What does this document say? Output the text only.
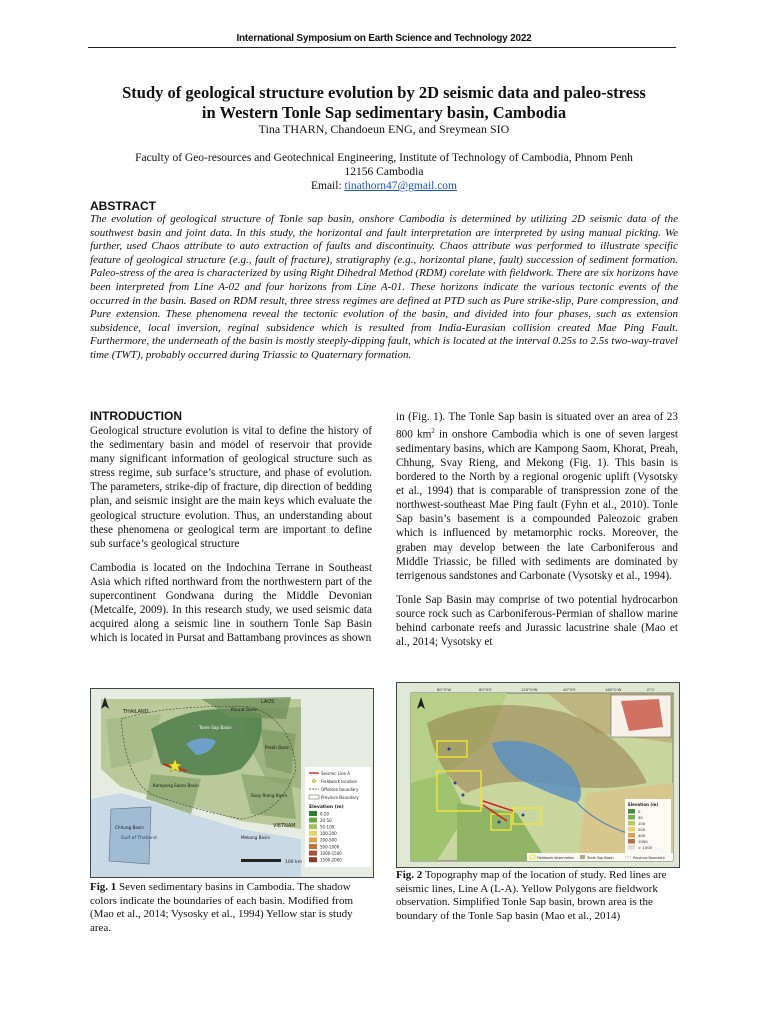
International Symposium on Earth Science and Technology 2022
Study of geological structure evolution by 2D seismic data and paleo-stress
in Western Tonle Sap sedimentary basin, Cambodia
Tina THARN, Chandoeun ENG, and Sreymean SIO
Faculty of Geo-resources and Geotechnical Engineering, Institute of Technology of Cambodia, Phnom Penh
12156 Cambodia
Email: tinathorn47@gmail.com
ABSTRACT
The evolution of geological structure of Tonle sap basin, onshore Cambodia is determined by utilizing 2D seismic data of the southwest basin and joint data. In this study, the horizontal and fault interpretation are interpreted by using manual picking. We further, used Chaos attribute to auto extraction of faults and discontinuity. Chaos attribute was performed to illustrate specific feature of geological structure (e.g., fault of fracture), stratigraphy (e.g., horizontal plane, fault) succession of sediment formation. Paleo-stress of the area is characterized by using Right Dihedral Method (RDM) corelate with fieldwork. There are six horizons have been interpreted from Line A-02 and four horizons from Line A-01. These horizons indicate the various tectonic events of the occurred in the basin. Based on RDM result, three stress regimes are defined at PTD such as Pure strike-slip, Pure compression, and Pure extension. These phenomena reveal the tectonic evolution of the basin, and divided into four phases, such as extension subsidence, local inversion, reginal subsidence which is resulted from India-Eurasian collision created Mae Ping Fault. Furthermore, the underneath of the basin is mostly steeply-dipping fault, which is located at the interval 0.25s to 2.5s two-way-travel time (TWT), probably occurred during Triassic to Quaternary formation.
INTRODUCTION

Geological structure evolution is vital to define the history of the sedimentary basin and model of reservoir that provide many significant information of geological structure such as stress regime, sub surface’s structure, and phase of evolution. The parameters, strike-dip of fracture, dip direction of bedding plan, and seismic insight are the main keys which evaluate the geological structure evolution. Thus, an understanding about these phenomena or geological term are important to define sub surface’s geological structure

Cambodia is located on the Indochina Terrane in Southeast Asia which rifted northward from the northwestern part of the supercontinent Gondwana during the Middle Devonian (Metcalfe, 2009). In this research study, we used seismic data acquired along a seismic line in southern Tonle Sap Basin which is located in Pursat and Battambang provinces as shown

in (Fig. 1). The Tonle Sap basin is situated over an area of 23 800 $km^2$ in onshore Cambodia which is one of seven largest sedimentary basins, which are Kampong Saom, Khorat, Preah, Chhung, Svay Rieng, and Mekong (Fig. 1). This basin is bordered to the North by a regional orogenic uplift (Vysotsky et al., 1994) that is comparable of transpression zone of the northwest-southeast Mae Ping fault (Fyhn et al., 2010). Tonle Sap basin’s basement is a compounded Paleozoic graben which is influenced by metamorphic rocks. Moreover, the graben may develop between the late Carboniferous and Middle Triassic, be filled with sediments are dominated by terrigenous sandstones and Carbonate (Vysotsky et al., 1994).

Tonle Sap Basin may comprise of two potential hydrocarbon source rock such as Carboniferous-Permian of shallow marine behind carbonate reefs and Jurassic lacustrine shale (Mao et al., 2014; Vysotsky et

THAILAND
LAOS
VIETNAM
Gulf of Thailand
Tonle Sap Basin
Khorat Basin
Preah Basin
Kampong Saom Basin
Chhung Basin
Svay Rieng Basin
Mekong Basin
100 km
Seismic Line A
Fieldwork location
Offshore boundary
Province Boundary
Elevation (m)
0-20
20-50
50-100
100-200
200-500
500-1000
1000-1500
1500-2000
Fig. 1 Seven sedimentary basins in Cambodia. The shadow colors indicate the boundaries of each basin. Modified from (Mao et al., 2014; Vysosky et al., 1994) Yellow star is study area.
80°0'W	80°0'E	120°0'W	40°0'E	160°0'W	0°0'
Elevation (m)
0
50
100
200
400
1000
> 1000
Fieldwork observation	Tonle Sap Basin	Province Boundary
Fig. 2 Topography map of the location of study. Red lines are seismic lines, Line A (L-A). Yellow Polygons are fieldwork observation. Simplified Tonle Sap basin, brown area is the boundary of the Tonle Sap basin (Mao et al., 2014)
